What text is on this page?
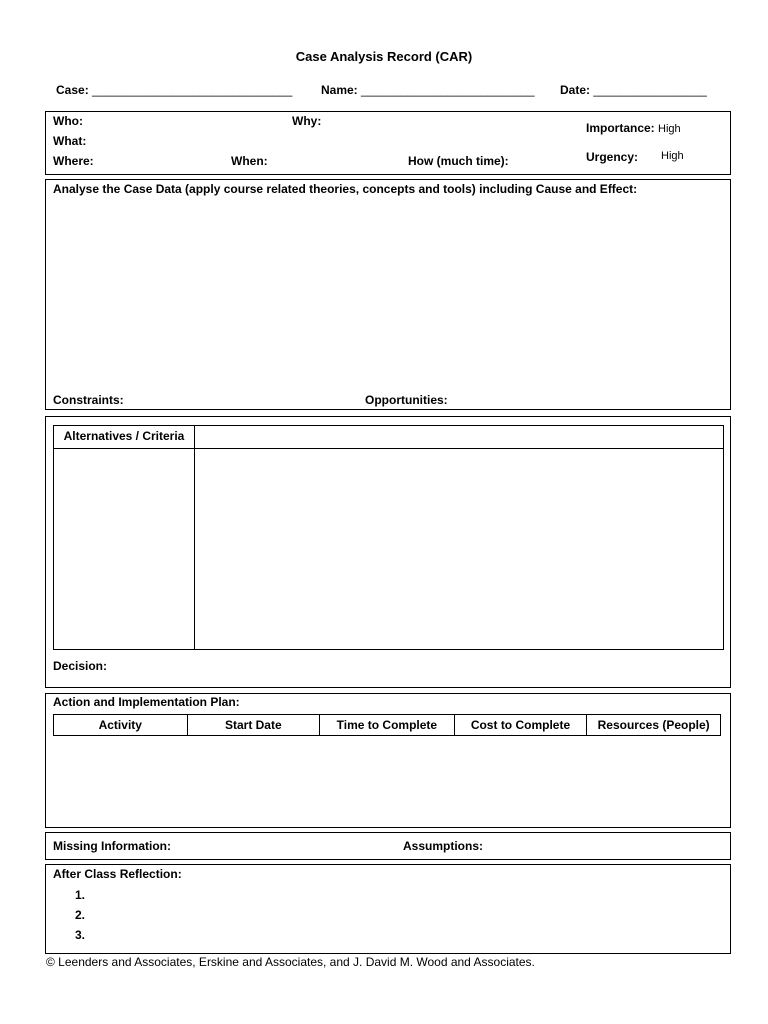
Case Analysis Record (CAR)
Case: ______________________________ Name: __________________________ Date: _________________
Who:
What:
Where:
Why:
When:	How (much time):
Importance: High
Urgency: High
Analyse the Case Data (apply course related theories, concepts and tools) including Cause and Effect:
Constraints:	Opportunities:
Alternatives / Criteria
Decision:
Action and Implementation Plan:
Activity	Start Date	Time to Complete	Cost to Complete	Resources (People)
Missing Information:	Assumptions:
After Class Reflection:
1.
2.
3.
© Leenders and Associates, Erskine and Associates, and J. David M. Wood and Associates.
